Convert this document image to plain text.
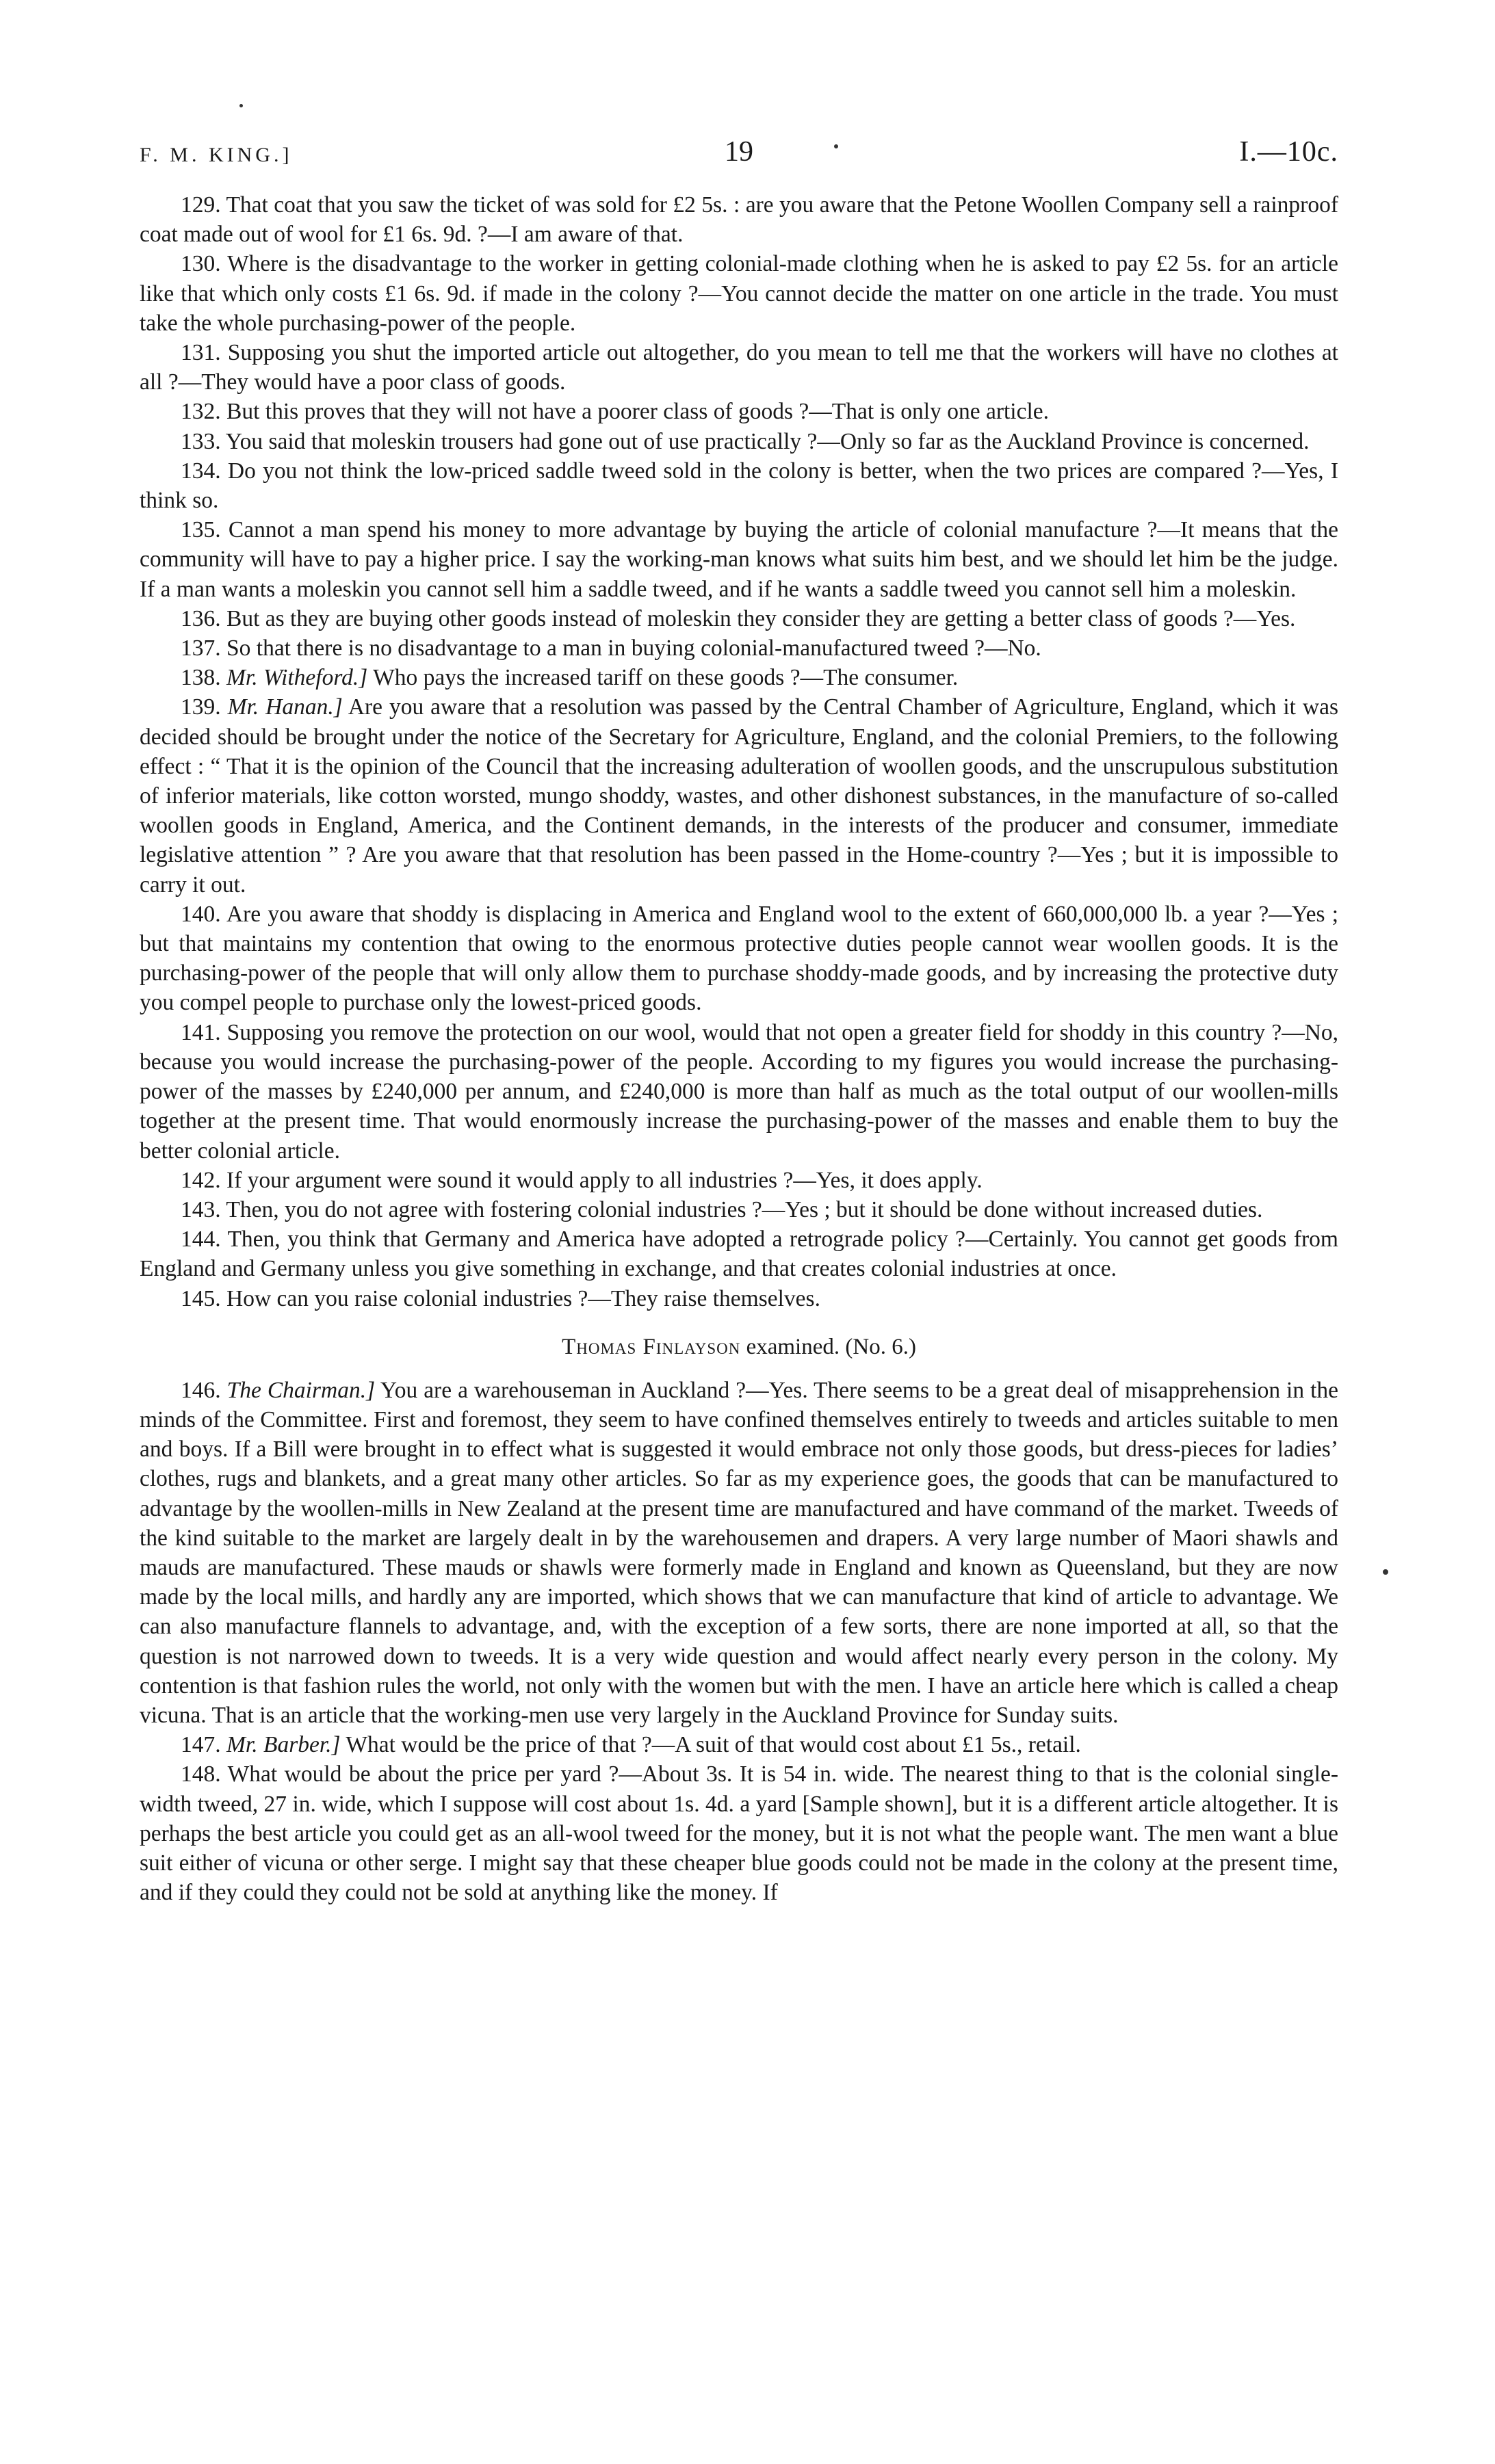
F. M. KING.]	19	I.—10c.

129. That coat that you saw the ticket of was sold for £2 5s. : are you aware that the Petone Woollen Company sell a rainproof coat made out of wool for £1 6s. 9d. ?—I am aware of that.

130. Where is the disadvantage to the worker in getting colonial-made clothing when he is asked to pay £2 5s. for an article like that which only costs £1 6s. 9d. if made in the colony ?—You cannot decide the matter on one article in the trade. You must take the whole purchasing-power of the people.

131. Supposing you shut the imported article out altogether, do you mean to tell me that the workers will have no clothes at all ?—They would have a poor class of goods.

132. But this proves that they will not have a poorer class of goods ?—That is only one article.

133. You said that moleskin trousers had gone out of use practically ?—Only so far as the Auckland Province is concerned.

134. Do you not think the low-priced saddle tweed sold in the colony is better, when the two prices are compared ?—Yes, I think so.

135. Cannot a man spend his money to more advantage by buying the article of colonial manufacture ?—It means that the community will have to pay a higher price. I say the working-man knows what suits him best, and we should let him be the judge. If a man wants a moleskin you cannot sell him a saddle tweed, and if he wants a saddle tweed you cannot sell him a moleskin.

136. But as they are buying other goods instead of moleskin they consider they are getting a better class of goods ?—Yes.

137. So that there is no disadvantage to a man in buying colonial-manufactured tweed ?—No.

138. Mr. Witheford.] Who pays the increased tariff on these goods ?—The consumer.

139. Mr. Hanan.] Are you aware that a resolution was passed by the Central Chamber of Agriculture, England, which it was decided should be brought under the notice of the Secretary for Agriculture, England, and the colonial Premiers, to the following effect : “ That it is the opinion of the Council that the increasing adulteration of woollen goods, and the unscrupulous substitution of inferior materials, like cotton worsted, mungo shoddy, wastes, and other dishonest substances, in the manufacture of so-called woollen goods in England, America, and the Continent demands, in the interests of the producer and consumer, immediate legislative attention ” ? Are you aware that that resolution has been passed in the Home-country ?—Yes ; but it is impossible to carry it out.

140. Are you aware that shoddy is displacing in America and England wool to the extent of 660,000,000 lb. a year ?—Yes ; but that maintains my contention that owing to the enormous protective duties people cannot wear woollen goods. It is the purchasing-power of the people that will only allow them to purchase shoddy-made goods, and by increasing the protective duty you compel people to purchase only the lowest-priced goods.

141. Supposing you remove the protection on our wool, would that not open a greater field for shoddy in this country ?—No, because you would increase the purchasing-power of the people. According to my figures you would increase the purchasing-power of the masses by £240,000 per annum, and £240,000 is more than half as much as the total output of our woollen-mills together at the present time. That would enormously increase the purchasing-power of the masses and enable them to buy the better colonial article.

142. If your argument were sound it would apply to all industries ?—Yes, it does apply.

143. Then, you do not agree with fostering colonial industries ?—Yes ; but it should be done without increased duties.

144. Then, you think that Germany and America have adopted a retrograde policy ?—Certainly. You cannot get goods from England and Germany unless you give something in exchange, and that creates colonial industries at once.

145. How can you raise colonial industries ?—They raise themselves.

Thomas Finlayson examined. (No. 6.)

146. The Chairman.] You are a warehouseman in Auckland ?—Yes. There seems to be a great deal of misapprehension in the minds of the Committee. First and foremost, they seem to have confined themselves entirely to tweeds and articles suitable to men and boys. If a Bill were brought in to effect what is suggested it would embrace not only those goods, but dress-pieces for ladies’ clothes, rugs and blankets, and a great many other articles. So far as my experience goes, the goods that can be manufactured to advantage by the woollen-mills in New Zealand at the present time are manufactured and have command of the market. Tweeds of the kind suitable to the market are largely dealt in by the warehousemen and drapers. A very large number of Maori shawls and mauds are manufactured. These mauds or shawls were formerly made in England and known as Queensland, but they are now made by the local mills, and hardly any are imported, which shows that we can manufacture that kind of article to advantage. We can also manufacture flannels to advantage, and, with the exception of a few sorts, there are none imported at all, so that the question is not narrowed down to tweeds. It is a very wide question and would affect nearly every person in the colony. My contention is that fashion rules the world, not only with the women but with the men. I have an article here which is called a cheap vicuna. That is an article that the working-men use very largely in the Auckland Province for Sunday suits.

147. Mr. Barber.] What would be the price of that ?—A suit of that would cost about £1 5s., retail.

148. What would be about the price per yard ?—About 3s. It is 54 in. wide. The nearest thing to that is the colonial single-width tweed, 27 in. wide, which I suppose will cost about 1s. 4d. a yard [Sample shown], but it is a different article altogether. It is perhaps the best article you could get as an all-wool tweed for the money, but it is not what the people want. The men want a blue suit either of vicuna or other serge. I might say that these cheaper blue goods could not be made in the colony at the present time, and if they could they could not be sold at anything like the money. If
